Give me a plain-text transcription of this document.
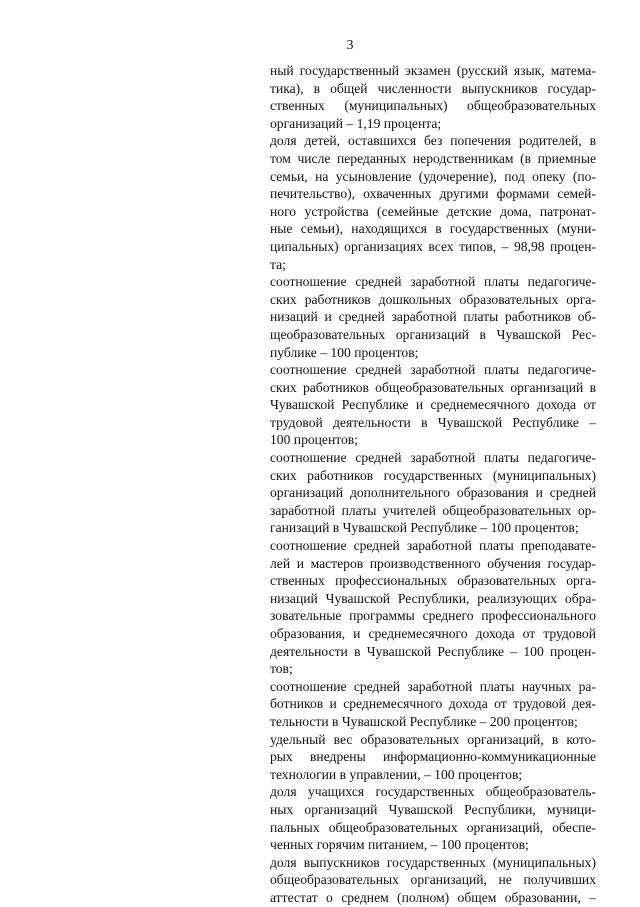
3
ный государственный экзамен (русский язык, матема-
тика), в общей численности выпускников государ-
ственных (муниципальных) общеобразовательных
организаций – 1,19 процента;
доля детей, оставшихся без попечения родителей, в
том числе переданных неродственникам (в приемные
семьи, на усыновление (удочерение), под опеку (по-
печительство), охваченных другими формами семей-
ного устройства (семейные детские дома, патронат-
ные семьи), находящихся в государственных (муни-
ципальных) организациях всех типов, – 98,98 процен-
та;
соотношение средней заработной платы педагогиче-
ских работников дошкольных образовательных орга-
низаций и средней заработной платы работников об-
щеобразовательных организаций в Чувашской Рес-
публике – 100 процентов;
соотношение средней заработной платы педагогиче-
ских работников общеобразовательных организаций в
Чувашской Республике и среднемесячного дохода от
трудовой деятельности в Чувашской Республике –
100 процентов;
соотношение средней заработной платы педагогиче-
ских работников государственных (муниципальных)
организаций дополнительного образования и средней
заработной платы учителей общеобразовательных ор-
ганизаций в Чувашской Республике – 100 процентов;
соотношение средней заработной платы преподавате-
лей и мастеров производственного обучения государ-
ственных профессиональных образовательных орга-
низаций Чувашской Республики, реализующих обра-
зовательные программы среднего профессионального
образования, и среднемесячного дохода от трудовой
деятельности в Чувашской Республике – 100 процен-
тов;
соотношение средней заработной платы научных ра-
ботников и среднемесячного дохода от трудовой дея-
тельности в Чувашской Республике – 200 процентов;
удельный вес образовательных организаций, в кото-
рых внедрены информационно-коммуникационные
технологии в управлении, – 100 процентов;
доля учащихся государственных общеобразователь-
ных организаций Чувашской Республики, муници-
пальных общеобразовательных организаций, обеспе-
ченных горячим питанием, – 100 процентов;
доля выпускников государственных (муниципальных)
общеобразовательных организаций, не получивших
аттестат о среднем (полном) общем образовании, –
